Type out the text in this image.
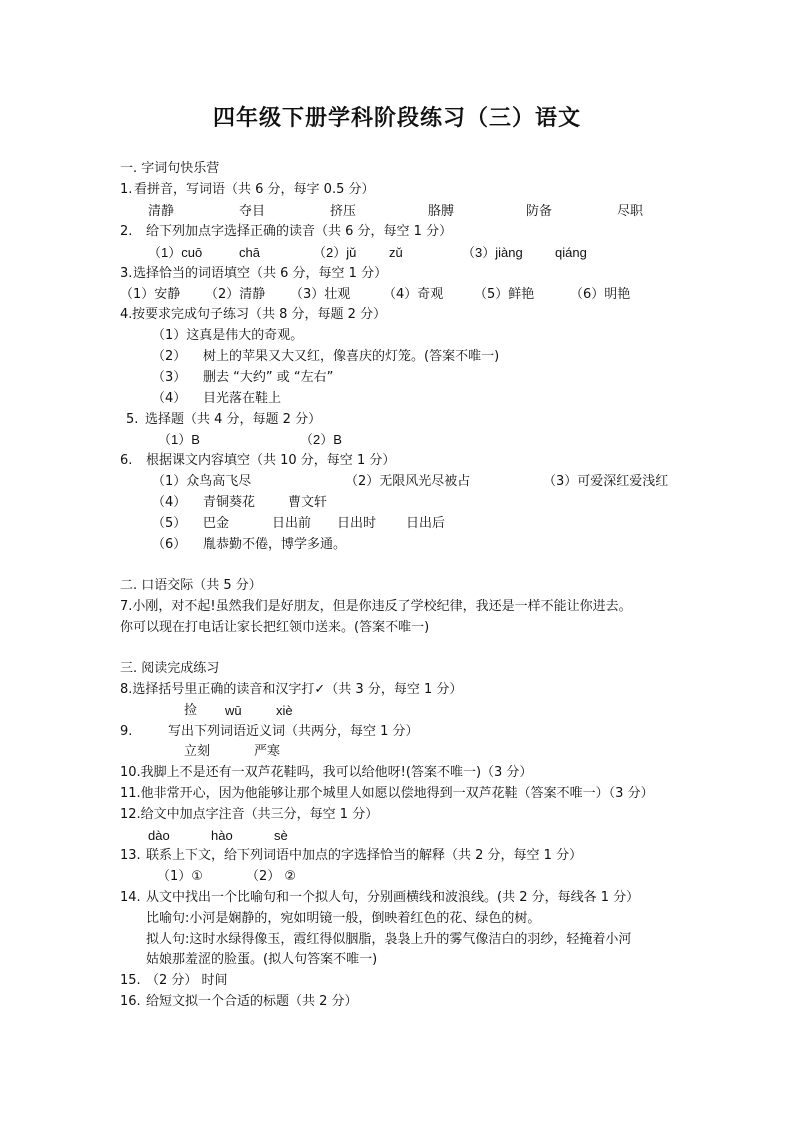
四年级下册学科阶段练习（三）语文
一. 字词句快乐营
1. 看拼音，写词语（共 6 分，每字 0.5 分）
清静	夺目	挤压	胳膊	防备	尽职
2. 给下列加点字选择正确的读音（共 6 分，每空 1 分）
（1）cuō	chā	（2）jǔ	zǔ	（3）jiàng qiáng
3. 选择恰当的词语填空（共 6 分，每空 1 分）
（1）安静 （2）清静 （3）壮观	（4）奇观 （5）鲜艳	（6）明艳
4. 按要求完成句子练习（共 8 分，每题 2 分）
（1）这真是伟大的奇观。
（2） 树上的苹果又大又红，像喜庆的灯笼。(答案不唯一)
（3） 删去 “大约” 或 “左右”
（4） 目光落在鞋上
5. 选择题（共 4 分，每题 2 分）
（1）B	（2）B
6. 根据课文内容填空（共 10 分，每空 1 分）
（1）众鸟高飞尽	（2）无限风光尽被占	（3）可爱深红爱浅红
（4） 青铜葵花	曹文轩
（5） 巴金	日出前 日出时 日出后
（6） 胤恭勤不倦，博学多通。
二. 口语交际（共 5 分）
7.小刚，对不起!虽然我们是好朋友，但是你违反了学校纪律，我还是一样不能让你进去。
你可以现在打电话让家长把红领巾送来。(答案不唯一)
三. 阅读完成练习
8.选择括号里正确的读音和汉字打✓（共 3 分，每空 1 分）
捡 wū	xiè
9.	写出下列词语近义词（共两分，每空 1 分）
立刻	严寒
10.我脚上不是还有一双芦花鞋吗，我可以给他呀!(答案不唯一)（3 分）
11.他非常开心，因为他能够让那个城里人如愿以偿地得到一双芦花鞋（答案不唯一）（3 分）
12.给文中加点字注音（共三分，每空 1 分）
dào	hào	sè
13. 联系上下文，给下列词语中加点的字选择恰当的解释（共 2 分，每空 1 分）
（1）①	（2） ②
14. 从文中找出一个比喻句和一个拟人句，分别画横线和波浪线。(共 2 分，每线各 1 分）
比喻句:小河是娴静的，宛如明镜一般，倒映着红色的花、绿色的树。
拟人句:这时水绿得像玉，霞红得似胭脂，袅袅上升的雾气像洁白的羽纱，轻掩着小河
姑娘那羞涩的脸蛋。(拟人句答案不唯一)
15. （2 分） 时间
16. 给短文拟一个合适的标题（共 2 分）
